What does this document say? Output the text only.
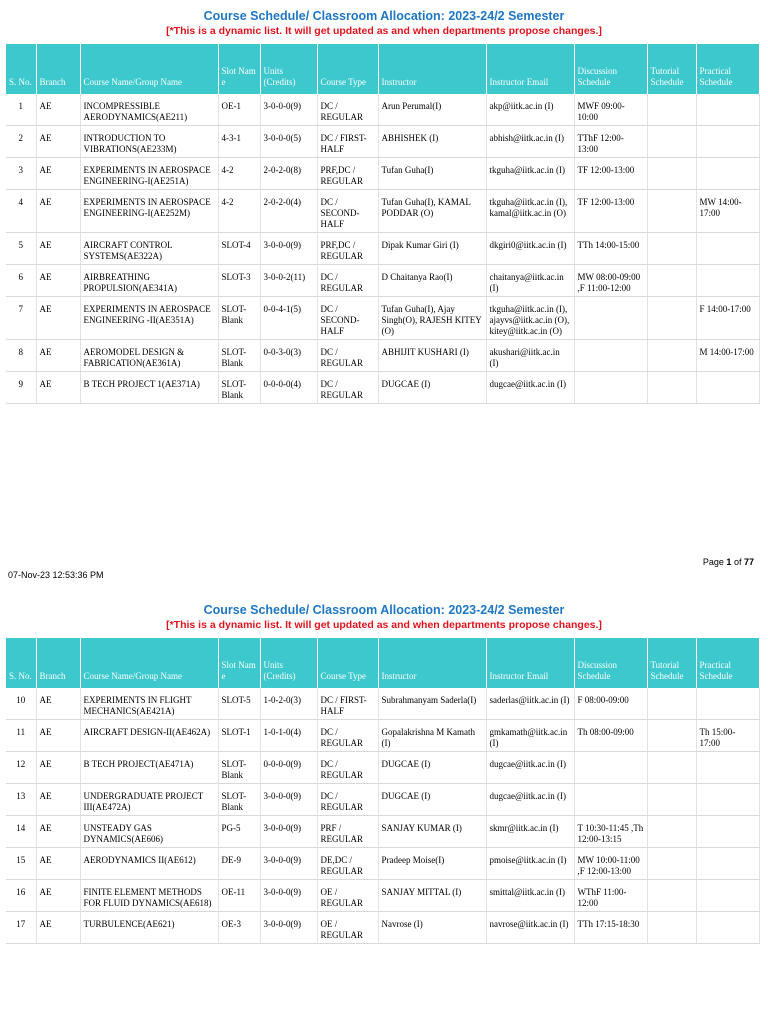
Course Schedule/ Classroom Allocation: 2023-24/2 Semester
[*This is a dynamic list. It will get updated as and when departments propose changes.]
S. No.	Branch	Course Name/Group Name	Slot Nam e	Units (Credits)	Course Type	Instructor	Instructor Email	Discussion Schedule	Tutorial Schedule	Practical Schedule
1	AE	INCOMPRESSIBLE AERODYNAMICS(AE211)	OE-1	3-0-0-0(9)	DC / REGULAR	Arun Perumal(I)	akp@iitk.ac.in (I)	MWF 09:00-10:00		
2	AE	INTRODUCTION TO VIBRATIONS(AE233M)	4-3-1	3-0-0-0(5)	DC / FIRST-HALF	ABHISHEK (I)	abhish@iitk.ac.in (I)	TThF 12:00-13:00		
3	AE	EXPERIMENTS IN AEROSPACE ENGINEERING-I(AE251A)	4-2	2-0-2-0(8)	PRF,DC / REGULAR	Tufan Guha(I)	tkguha@iitk.ac.in (I)	TF 12:00-13:00		
4	AE	EXPERIMENTS IN AEROSPACE ENGINEERING-I(AE252M)	4-2	2-0-2-0(4)	DC / SECOND-HALF	Tufan Guha(I), KAMAL PODDAR (O)	tkguha@iitk.ac.in (I), kamal@iitk.ac.in (O)	TF 12:00-13:00		MW 14:00-17:00
5	AE	AIRCRAFT CONTROL SYSTEMS(AE322A)	SLOT-4	3-0-0-0(9)	PRF,DC / REGULAR	Dipak Kumar Giri (I)	dkgiri0@iitk.ac.in (I)	TTh 14:00-15:00		
6	AE	AIRBREATHING PROPULSION(AE341A)	SLOT-3	3-0-0-2(11)	DC / REGULAR	D Chaitanya Rao(I)	chaitanya@iitk.ac.in (I)	MW 08:00-09:00 ,F 11:00-12:00		
7	AE	EXPERIMENTS IN AEROSPACE ENGINEERING -II(AE351A)	SLOT-Blank	0-0-4-1(5)	DC / SECOND-HALF	Tufan Guha(I), Ajay Singh(O), RAJESH KITEY (O)	tkguha@iitk.ac.in (I), ajayvs@iitk.ac.in (O), kitey@iitk.ac.in (O)			F 14:00-17:00
8	AE	AEROMODEL DESIGN & FABRICATION(AE361A)	SLOT-Blank	0-0-3-0(3)	DC / REGULAR	ABHIJIT KUSHARI (I)	akushari@iitk.ac.in (I)			M 14:00-17:00
9	AE	B TECH PROJECT 1(AE371A)	SLOT-Blank	0-0-0-0(4)	DC / REGULAR	DUGCAE (I)	dugcae@iitk.ac.in (I)			
Page 1 of 77
07-Nov-23 12:53:36 PM
Course Schedule/ Classroom Allocation: 2023-24/2 Semester
[*This is a dynamic list. It will get updated as and when departments propose changes.]
S. No.	Branch	Course Name/Group Name	Slot Nam e	Units (Credits)	Course Type	Instructor	Instructor Email	Discussion Schedule	Tutorial Schedule	Practical Schedule
10	AE	EXPERIMENTS IN FLIGHT MECHANICS(AE421A)	SLOT-5	1-0-2-0(3)	DC / FIRST-HALF	Subrahmanyam Saderla(I)	saderlas@iitk.ac.in (I)	F 08:00-09:00		
11	AE	AIRCRAFT DESIGN-II(AE462A)	SLOT-1	1-0-1-0(4)	DC / REGULAR	Gopalakrishna M Kamath (I)	gmkamath@iitk.ac.in (I)	Th 08:00-09:00		Th 15:00-17:00
12	AE	B TECH PROJECT(AE471A)	SLOT-Blank	0-0-0-0(9)	DC / REGULAR	DUGCAE (I)	dugcae@iitk.ac.in (I)			
13	AE	UNDERGRADUATE PROJECT III(AE472A)	SLOT-Blank	3-0-0-0(9)	DC / REGULAR	DUGCAE (I)	dugcae@iitk.ac.in (I)			
14	AE	UNSTEADY GAS DYNAMICS(AE606)	PG-5	3-0-0-0(9)	PRF / REGULAR	SANJAY KUMAR (I)	skmr@iitk.ac.in (I)	T 10:30-11:45 ,Th 12:00-13:15		
15	AE	AERODYNAMICS II(AE612)	DE-9	3-0-0-0(9)	DE,DC / REGULAR	Pradeep Moise(I)	pmoise@iitk.ac.in (I)	MW 10:00-11:00 ,F 12:00-13:00		
16	AE	FINITE ELEMENT METHODS FOR FLUID DYNAMICS(AE618)	OE-11	3-0-0-0(9)	OE / REGULAR	SANJAY MITTAL (I)	smittal@iitk.ac.in (I)	WThF 11:00-12:00		
17	AE	TURBULENCE(AE621)	OE-3	3-0-0-0(9)	OE / REGULAR	Navrose (I)	navrose@iitk.ac.in (I)	TTh 17:15-18:30		
